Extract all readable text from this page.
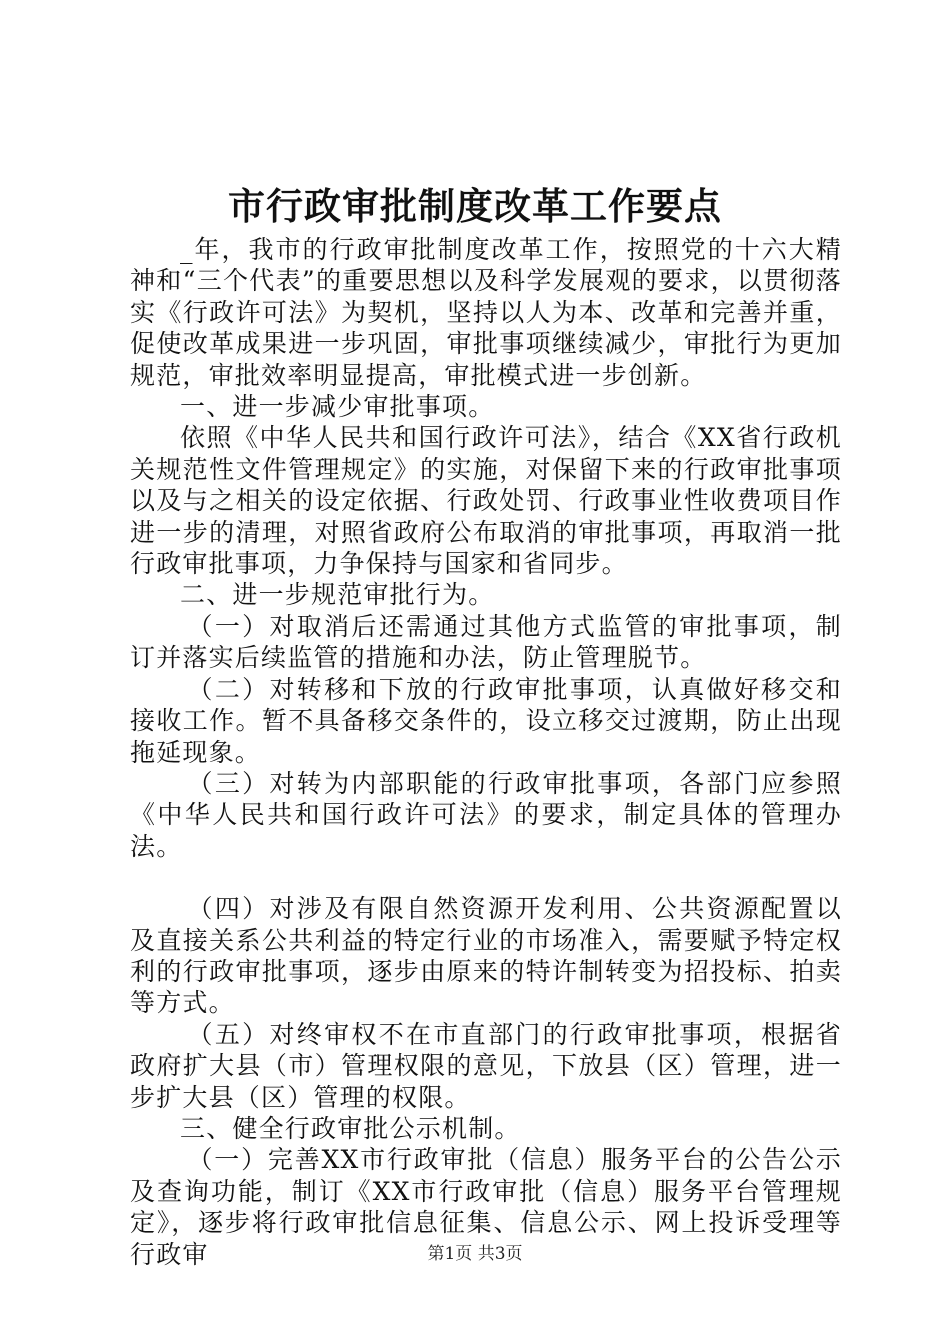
市行政审批制度改革工作要点

_年，我市的行政审批制度改革工作，按照党的十六大精神和“三个代表”的重要思想以及科学发展观的要求，以贯彻落实《行政许可法》为契机，坚持以人为本、改革和完善并重，促使改革成果进一步巩固，审批事项继续减少，审批行为更加规范，审批效率明显提高，审批模式进一步创新。

一、进一步减少审批事项。

依照《中华人民共和国行政许可法》，结合《XX省行政机关规范性文件管理规定》的实施，对保留下来的行政审批事项以及与之相关的设定依据、行政处罚、行政事业性收费项目作进一步的清理，对照省政府公布取消的审批事项，再取消一批行政审批事项，力争保持与国家和省同步。

二、进一步规范审批行为。

（一）对取消后还需通过其他方式监管的审批事项，制订并落实后续监管的措施和办法，防止管理脱节。

（二）对转移和下放的行政审批事项，认真做好移交和接收工作。暂不具备移交条件的，设立移交过渡期，防止出现拖延现象。

（三）对转为内部职能的行政审批事项，各部门应参照《中华人民共和国行政许可法》的要求，制定具体的管理办法。

（四）对涉及有限自然资源开发利用、公共资源配置以及直接关系公共利益的特定行业的市场准入，需要赋予特定权利的行政审批事项，逐步由原来的特许制转变为招投标、拍卖等方式。

（五）对终审权不在市直部门的行政审批事项，根据省政府扩大县（市）管理权限的意见，下放县（区）管理，进一步扩大县（区）管理的权限。

三、健全行政审批公示机制。

（一）完善XX市行政审批（信息）服务平台的公告公示及查询功能，制订《XX市行政审批（信息）服务平台管理规定》，逐步将行政审批信息征集、信息公示、网上投诉受理等行政审	第1页 共3页
